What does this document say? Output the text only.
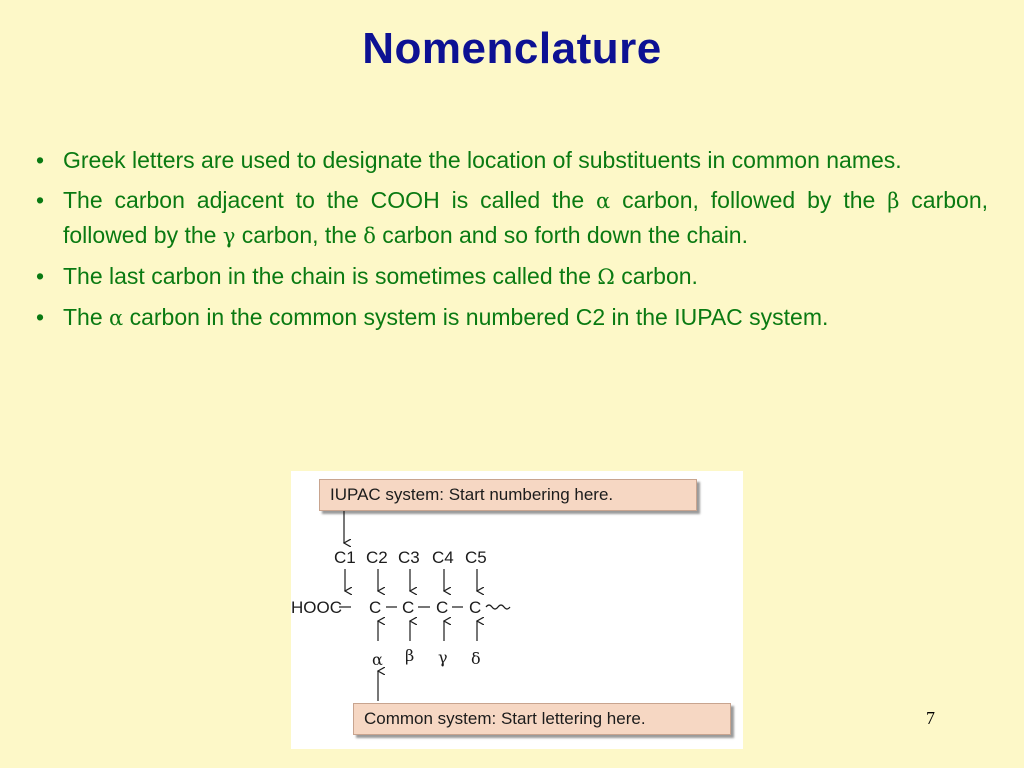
Nomenclature
• Greek letters are used to designate the location of substituents in common names.
• The carbon adjacent to the COOH is called the α carbon, followed by the β carbon, followed by the γ carbon, the δ carbon and so forth down the chain.
• The last carbon in the chain is sometimes called the Ω carbon.
• The α carbon in the common system is numbered C2 in the IUPAC system.
IUPAC system: Start numbering here.
Common system: Start lettering here.
C1 C2 C3 C4 C5
HOOC C C C C
α β γ δ
7
